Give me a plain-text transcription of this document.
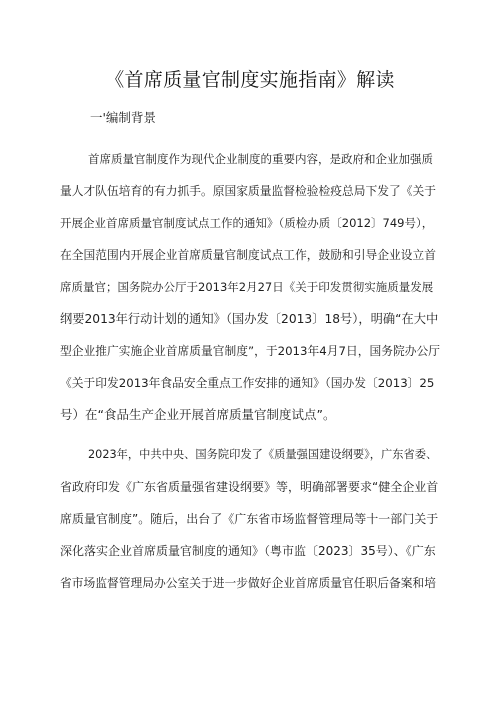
《首席质量官制度实施指南》解读
一'编制背景
首席质量官制度作为现代企业制度的重要内容，是政府和企业加强质
量人才队伍培育的有力抓手。原国家质量监督检验检疫总局下发了《关于
开展企业首席质量官制度试点工作的通知》（质检办质〔2012〕749号），
在全国范围内开展企业首席质量官制度试点工作，鼓励和引导企业设立首
席质量官；国务院办公厅于2013年2月27日《关于印发贯彻实施质量发展
纲要2013年行动计划的通知》（国办发〔2013〕18号），明确“在大中
型企业推广实施企业首席质量官制度”，于2013年4月7日，国务院办公厅
《关于印发2013年食品安全重点工作安排的通知》（国办发〔2013〕25
号）在“食品生产企业开展首席质量官制度试点”。
2023年，中共中央、国务院印发了《质量强国建设纲要》，广东省委、
省政府印发《广东省质量强省建设纲要》等，明确部署要求“健全企业首
席质量官制度”。随后，出台了《广东省市场监督管理局等十一部门关于
深化落实企业首席质量官制度的通知》（粤市监〔2023〕35号）、《广东
省市场监督管理局办公室关于进一步做好企业首席质量官任职后备案和培
